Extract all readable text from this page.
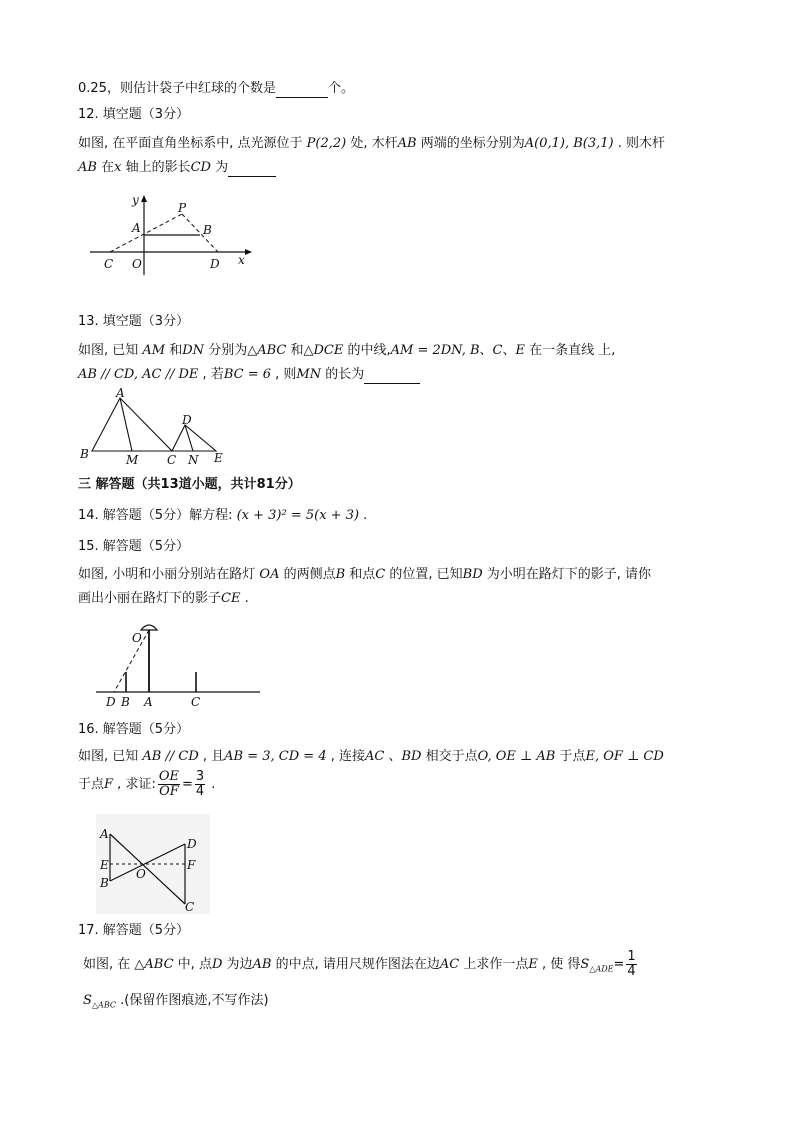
0.25，则估计袋子中红球的个数是	个。
12. 填空题（3分）
如图, 在平面直角坐标系中, 点光源位于 P(2,2) 处, 木杆AB 两端的坐标分别为A(0,1), B(3,1) . 则木杆
AB 在x 轴上的影长CD 为
y
x
P
A	B
C O	D
13. 填空题（3分）
如图, 已知 AM 和DN 分别为△ABC 和△DCE 的中线,AM = 2DN, B、C、E 在一条直线 上,
AB // CD, AC // DE , 若BC = 6 , 则MN 的长为
A
B	M C
D
N E
三 解答题（共13道小题，共计81分）
14. 解答题（5分）解方程: (x + 3)² = 5(x + 3) .
15. 解答题（5分）
如图, 小明和小丽分别站在路灯 OA 的两侧点B 和点C 的位置, 已知BD 为小明在路灯下的影子, 请你
画出小丽在路灯下的影子CE .
O
D B A	C
16. 解答题（5分）
如图, 已知 AB // CD , 且AB = 3, CD = 4 , 连接AC 、BD 相交于点O, OE ⊥ AB 于点E, OF ⊥ CD
于点F , 求证: $\frac{OE}{OF} = \frac{3}{4}$ .
A
E
B
O
D
F
C
17. 解答题（5分）
如图, 在 △ABC 中, 点D 为边AB 的中点, 请用尺规作图法在边AC 上求作一点E , 使 得$S_{\triangle ADE}= \frac{1}{4}$
$S_{\triangle ABC}$ .(保留作图痕迹,不写作法)
